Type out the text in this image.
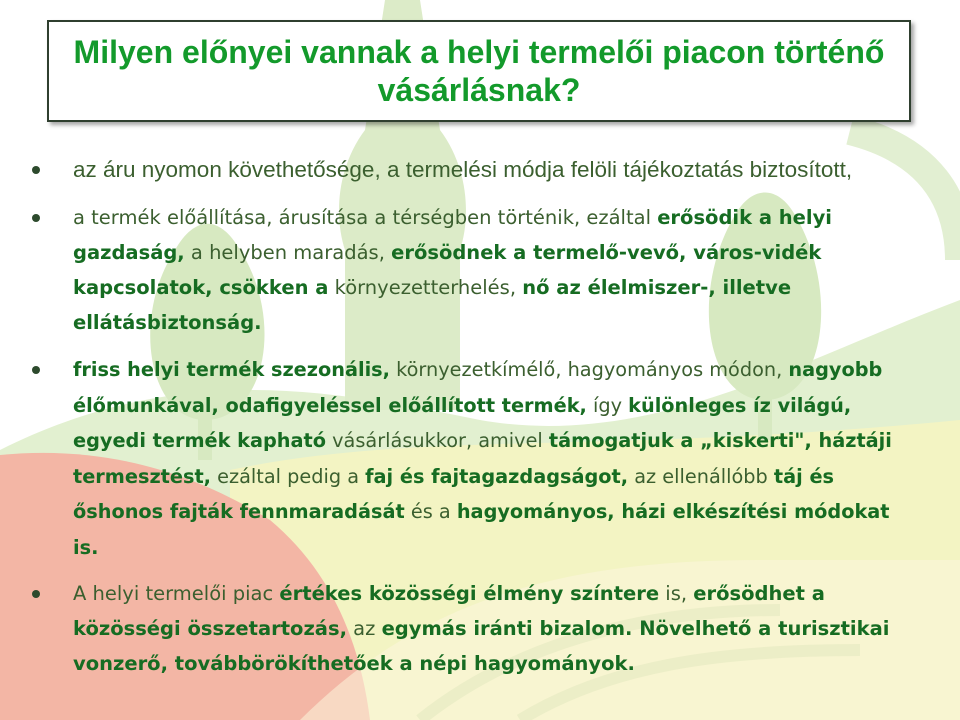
Milyen előnyei vannak a helyi termelői piacon történő vásárlásnak?
az áru nyomon követhetősége, a termelési módja felöli tájékoztatás biztosított,
a termék előállítása, árusítása a térségben történik, ezáltal erősödik a helyi gazdaság, a helyben maradás, erősödnek a termelő-vevő, város-vidék kapcsolatok, csökken a környezetterhelés, nő az élelmiszer-, illetve ellátásbiztonság.
friss helyi termék szezonális, környezetkímélő, hagyományos módon, nagyobb élőmunkával, odafigyeléssel előállított termék, így különleges íz világú, egyedi termék kapható vásárlásukkor, amivel támogatjuk a „kiskerti", háztáji termesztést, ezáltal pedig a faj és fajtagazdagságot, az ellenállóbb táj és őshonos fajták fennmaradását és a hagyományos, házi elkészítési módokat is.
A helyi termelői piac értékes közösségi élmény színtere is, erősödhet a közösségi összetartozás, az egymás iránti bizalom. Növelhető a turisztikai vonzerő, továbbörökíthetőek a népi hagyományok.
